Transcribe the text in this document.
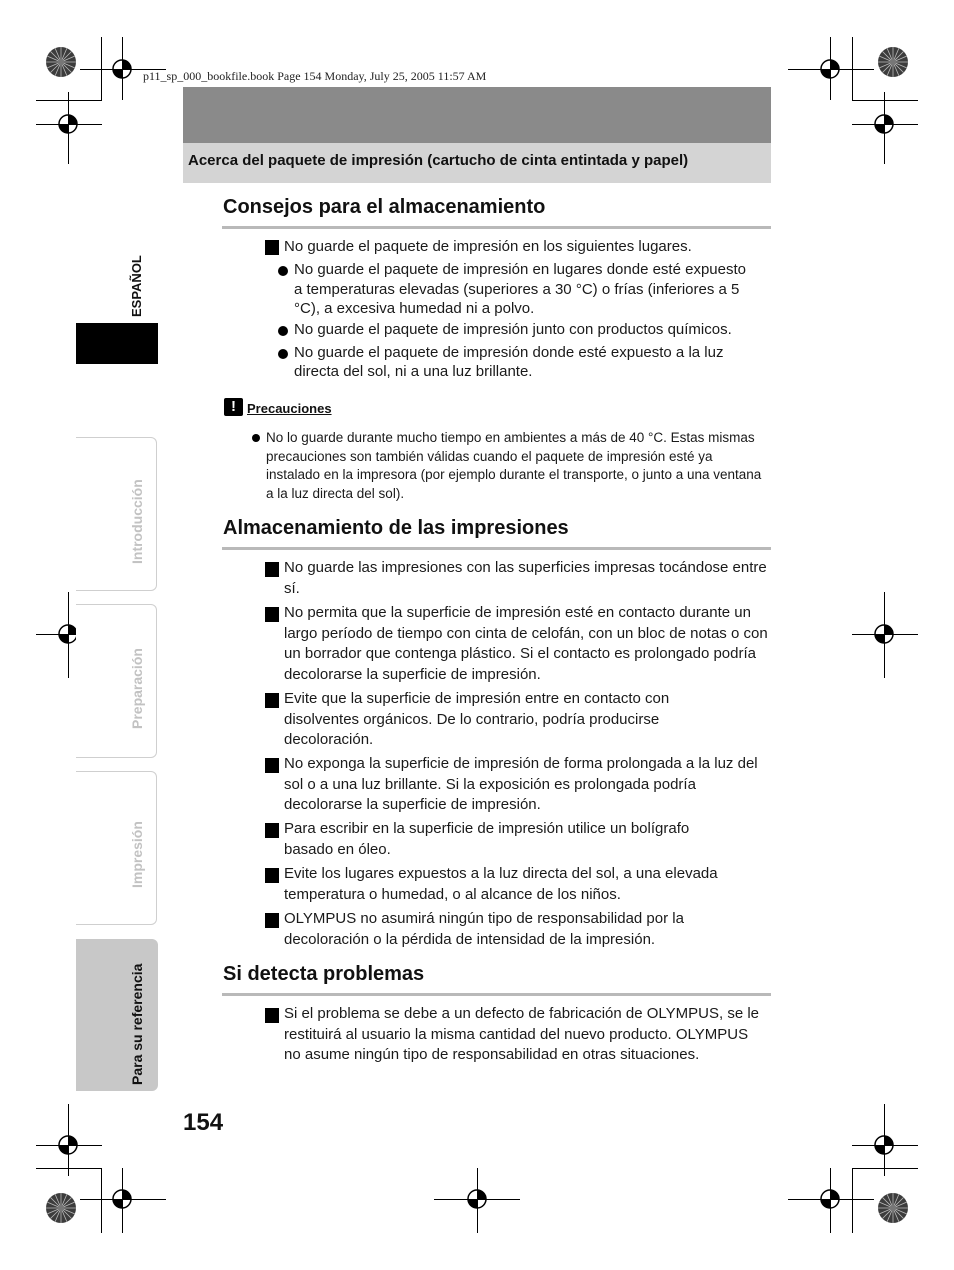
p11_sp_000_bookfile.book Page 154 Monday, July 25, 2005 11:57 AM
Acerca del paquete de impresión (cartucho de cinta entintada y papel)
ESPAÑOL
Introducción
Preparación
Impresión
Para su referencia
Consejos para el almacenamiento
No guarde el paquete de impresión en los siguientes lugares.
No guarde el paquete de impresión en lugares donde esté expuesto a temperaturas elevadas (superiores a 30 °C) o frías (inferiores a 5 °C), a excesiva humedad ni a polvo.
No guarde el paquete de impresión junto con productos químicos.
No guarde el paquete de impresión donde esté expuesto a la luz directa del sol, ni a una luz brillante.
! Precauciones
No lo guarde durante mucho tiempo en ambientes a más de 40 °C. Estas mismas precauciones son también válidas cuando el paquete de impresión esté ya instalado en la impresora (por ejemplo durante el transporte, o junto a una ventana a la luz directa del sol).
Almacenamiento de las impresiones
No guarde las impresiones con las superficies impresas tocándose entre sí.
No permita que la superficie de impresión esté en contacto durante un largo período de tiempo con cinta de celofán, con un bloc de notas o con un borrador que contenga plástico. Si el contacto es prolongado podría decolorarse la superficie de impresión.
Evite que la superficie de impresión entre en contacto con disolventes orgánicos. De lo contrario, podría producirse decoloración.
No exponga la superficie de impresión de forma prolongada a la luz del sol o a una luz brillante. Si la exposición es prolongada podría decolorarse la superficie de impresión.
Para escribir en la superficie de impresión utilice un bolígrafo basado en óleo.
Evite los lugares expuestos a la luz directa del sol, a una elevada temperatura o humedad, o al alcance de los niños.
OLYMPUS no asumirá ningún tipo de responsabilidad por la decoloración o la pérdida de intensidad de la impresión.
Si detecta problemas
Si el problema se debe a un defecto de fabricación de OLYMPUS, se le restituirá al usuario la misma cantidad del nuevo producto. OLYMPUS no asume ningún tipo de responsabilidad en otras situaciones.
154
